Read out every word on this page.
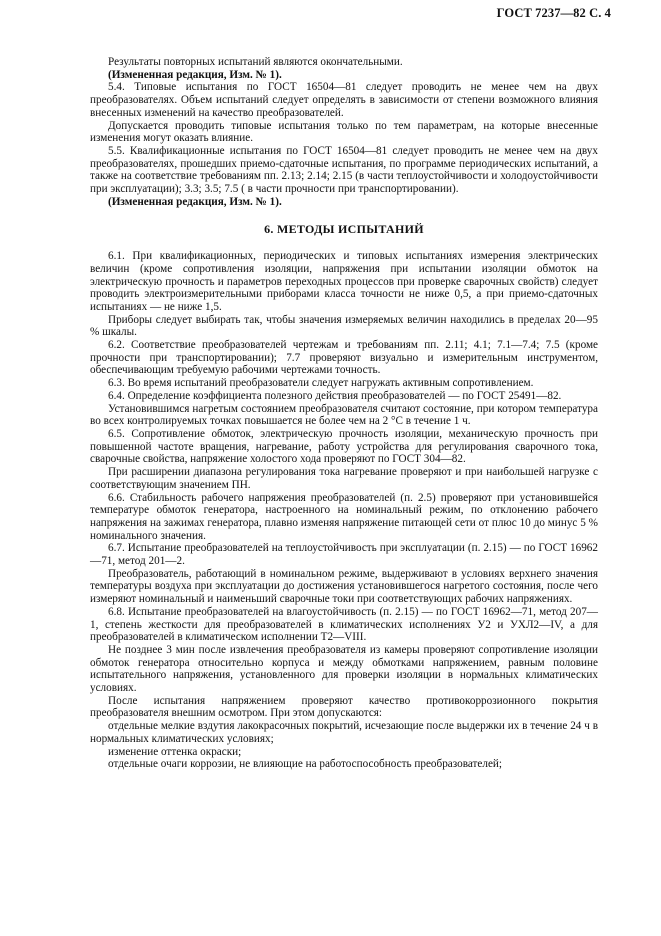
ГОСТ 7237—82 С. 4

Результаты повторных испытаний являются окончательными.

(Измененная редакция, Изм. № 1).

5.4. Типовые испытания по ГОСТ 16504—81 следует проводить не менее чем на двух преобразователях. Объем испытаний следует определять в зависимости от степени возможного влияния внесенных изменений на качество преобразователей.

Допускается проводить типовые испытания только по тем параметрам, на которые внесенные изменения могут оказать влияние.

5.5. Квалификационные испытания по ГОСТ 16504—81 следует проводить не менее чем на двух преобразователях, прошедших приемо-сдаточные испытания, по программе периодических испытаний, а также на соответствие требованиям пп. 2.13; 2.14; 2.15 (в части теплоустойчивости и холодоустойчивости при эксплуатации); 3.3; 3.5; 7.5 ( в части прочности при транспортировании).

(Измененная редакция, Изм. № 1).

6. МЕТОДЫ ИСПЫТАНИЙ

6.1. При квалификационных, периодических и типовых испытаниях измерения электрических величин (кроме сопротивления изоляции, напряжения при испытании изоляции обмоток на электрическую прочность и параметров переходных процессов при проверке сварочных свойств) следует проводить электроизмерительными приборами класса точности не ниже 0,5, а при приемо-сдаточных испытаниях — не ниже 1,5.

Приборы следует выбирать так, чтобы значения измеряемых величин находились в пределах 20—95 % шкалы.

6.2. Соответствие преобразователей чертежам и требованиям пп. 2.11; 4.1; 7.1—7.4; 7.5 (кроме прочности при транспортировании); 7.7 проверяют визуально и измерительным инструментом, обеспечивающим требуемую рабочими чертежами точность.

6.3. Во время испытаний преобразователи следует нагружать активным сопротивлением.

6.4. Определение коэффициента полезного действия преобразователей — по ГОСТ 25491—82.

Установившимся нагретым состоянием преобразователя считают состояние, при котором температура во всех контролируемых точках повышается не более чем на 2 °С в течение 1 ч.

6.5. Сопротивление обмоток, электрическую прочность изоляции, механическую прочность при повышенной частоте вращения, нагревание, работу устройства для регулирования сварочного тока, сварочные свойства, напряжение холостого хода проверяют по ГОСТ 304—82.

При расширении диапазона регулирования тока нагревание проверяют и при наибольшей нагрузке с соответствующим значением ПН.

6.6. Стабильность рабочего напряжения преобразователей (п. 2.5) проверяют при установившейся температуре обмоток генератора, настроенного на номинальный режим, по отклонению рабочего напряжения на зажимах генератора, плавно изменяя напряжение питающей сети от плюс 10 до минус 5 % номинального значения.

6.7. Испытание преобразователей на теплоустойчивость при эксплуатации (п. 2.15) — по ГОСТ 16962—71, метод 201—2.

Преобразователь, работающий в номинальном режиме, выдерживают в условиях верхнего значения температуры воздуха при эксплуатации до достижения установившегося нагретого состояния, после чего измеряют номинальный и наименьший сварочные токи при соответствующих рабочих напряжениях.

6.8. Испытание преобразователей на влагоустойчивость (п. 2.15) — по ГОСТ 16962—71, метод 207—1, степень жесткости для преобразователей в климатических исполнениях У2 и УХЛ2—IV, а для преобразователей в климатическом исполнении Т2—VIII.

Не позднее 3 мин после извлечения преобразователя из камеры проверяют сопротивление изоляции обмоток генератора относительно корпуса и между обмотками напряжением, равным половине испытательного напряжения, установленного для проверки изоляции в нормальных климатических условиях.

После испытания напряжением проверяют качество противокоррозионного покрытия преобразователя внешним осмотром. При этом допускаются:

отдельные мелкие вздутия лакокрасочных покрытий, исчезающие после выдержки их в течение 24 ч в нормальных климатических условиях;

изменение оттенка окраски;

отдельные очаги коррозии, не влияющие на работоспособность преобразователей;
